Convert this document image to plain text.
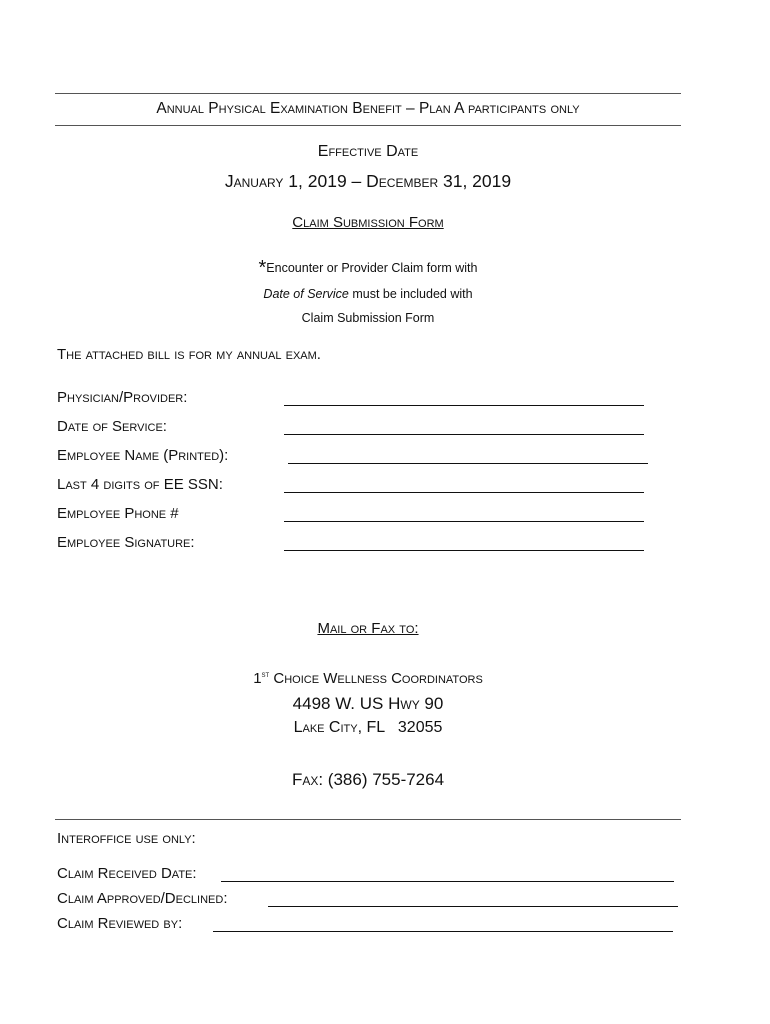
Annual Physical Examination Benefit – Plan A participants only
Effective Date
January 1, 2019 – December 31, 2019
Claim Submission Form
*Encounter or Provider Claim form with
Date of Service must be included with
Claim Submission Form
The attached bill is for my annual exam.
Physician/Provider:
Date of Service:
Employee Name (Printed):
Last 4 digits of EE SSN:
Employee Phone #
Employee Signature:
Mail or Fax to:
1st Choice Wellness Coordinators
4498 W. US Hwy 90
Lake City, FL   32055
Fax: (386) 755-7264
Interoffice use only:
Claim Received Date:
Claim Approved/Declined:
Claim Reviewed by:
